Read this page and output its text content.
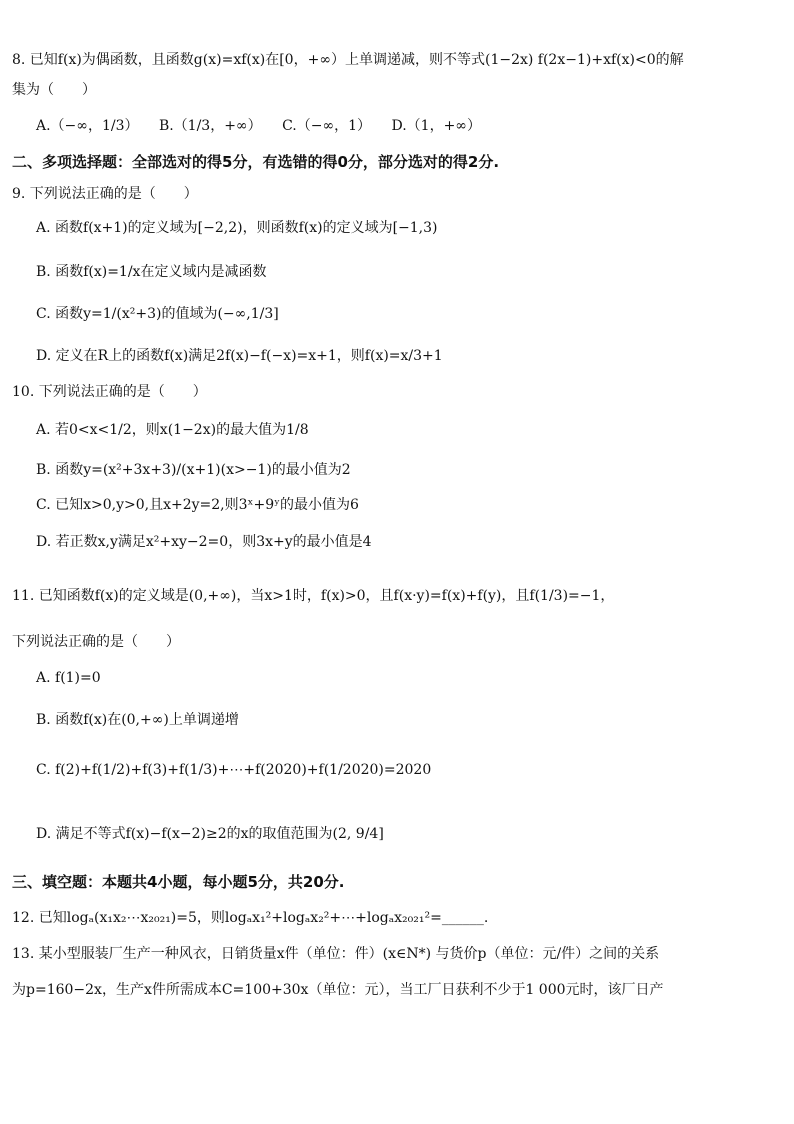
8. 已知f(x)为偶函数，且函数g(x)=xf(x)在[0，+∞）上单调递减，则不等式(1−2x) f(2x−1)+xf(x)<0的解
集为（　　）
A.（−∞，1/3） B.（1/3，+∞） C.（−∞，1） D.（1，+∞）
二、多项选择题：全部选对的得5分，有选错的得0分，部分选对的得2分.
9. 下列说法正确的是（　　）
A. 函数f(x+1)的定义域为[−2,2)，则函数f(x)的定义域为[−1,3)
B. 函数f(x)=1/x在定义域内是减函数
C. 函数y=1/(x²+3)的值域为(−∞,1/3]
D. 定义在R上的函数f(x)满足2f(x)−f(−x)=x+1，则f(x)=x/3+1
10. 下列说法正确的是（　　）
A. 若0<x<1/2，则x(1−2x)的最大值为1/8
B. 函数y=(x²+3x+3)/(x+1)(x>−1)的最小值为2
C. 已知x>0,y>0,且x+2y=2,则3ˣ+9ʸ的最小值为6
D. 若正数x,y满足x²+xy−2=0，则3x+y的最小值是4
11. 已知函数f(x)的定义域是(0,+∞)，当x>1时，f(x)>0，且f(x·y)=f(x)+f(y)，且f(1/3)=−1，
下列说法正确的是（　　）
A. f(1)=0
B. 函数f(x)在(0,+∞)上单调递增
C. f(2)+f(1/2)+f(3)+f(1/3)+⋯+f(2020)+f(1/2020)=2020
D. 满足不等式f(x)−f(x−2)≥2的x的取值范围为(2, 9/4]
三、填空题：本题共4小题，每小题5分，共20分.
12. 已知logₐ(x₁x₂⋯x₂₀₂₁)=5，则logₐx₁²+logₐx₂²+⋯+logₐx₂₀₂₁²=______.
13. 某小型服装厂生产一种风衣，日销货量x件（单位：件）(x∈N*) 与货价p（单位：元/件）之间的关系
为p=160−2x，生产x件所需成本C=100+30x（单位：元），当工厂日获利不少于1 000元时，该厂日产
